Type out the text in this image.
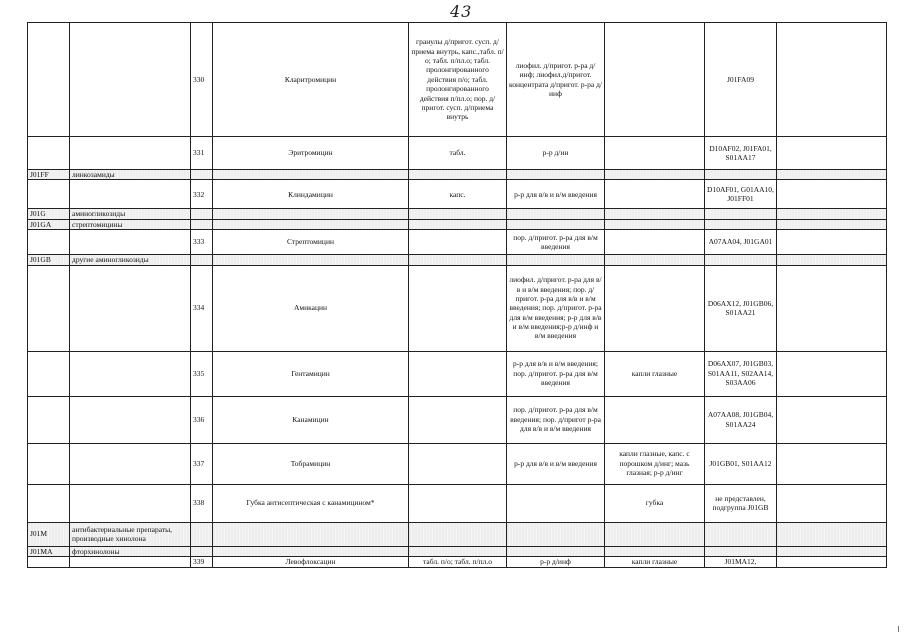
43
		330	Кларитромицин	гранулы д/пригот. сусп. д/приема внутрь, капс.,табл. п/о; табл. п/пл.о; табл. пролонгированного действия п/о; табл. пролонгированного действия п/пл.о; пор. д/пригот. сусп. д/приема внутрь	лиофил. д/пригот. р-ра д/инф; лиофил.д/пригот. концентрата д/пригот. р-ра д/инф		J01FA09	
		331	Эритромицин	табл.	р-р д/ин		D10AF02, J01FA01, S01AA17	
J01FF	линкозамиды							
		332	Клиндамицин	капс.	р-р для в/в и в/м введения		D10AF01, G01AA10, J01FF01	
J01G	аминогликозиды							
J01GA	стрептомицины							
		333	Стрептомицин		пор. д/пригот. р-ра для в/м введения		A07AA04, J01GA01	
J01GB	другие аминогликозиды							
		334	Амикацин		лиофил. д/пригот. р-ра для в/в и в/м введения; пор. д/пригот. р-ра для в/в и в/м введения; пор. д/пригот. р-ра для в/м введения; р-р для в/в и в/м введения;р-р д/инф и в/м введения		D06AX12, J01GB06, S01AA21	
		335	Гентамицин		р-р для в/в и в/м введения; пор. д/пригот. р-ра для в/м введения	капли глазные	D06AX07, J01GB03, S01AA11, S02AA14, S03AA06	
		336	Канамицин		пор. д/пригот. р-ра для в/м введения; пор. д/пригот р-ра для в/в и в/м введения		A07AA08, J01GB04, S01AA24	
		337	Тобрамицин		р-р для в/в и в/м введения	капли глазные, капс. с порошком д/инг; мазь глазная; р-р д/инг	J01GB01, S01AA12	
		338	Губка антисептическая с канамицином*			губка	не представлен, подгруппа J01GB	
J01M	антибактериальные препараты, производные хинолона							
J01MA	фторхинолоны							
		339	Левофлоксацин	табл. п/о; табл. п/пл.о	р-р д/инф	капли глазные	J01MA12,	
